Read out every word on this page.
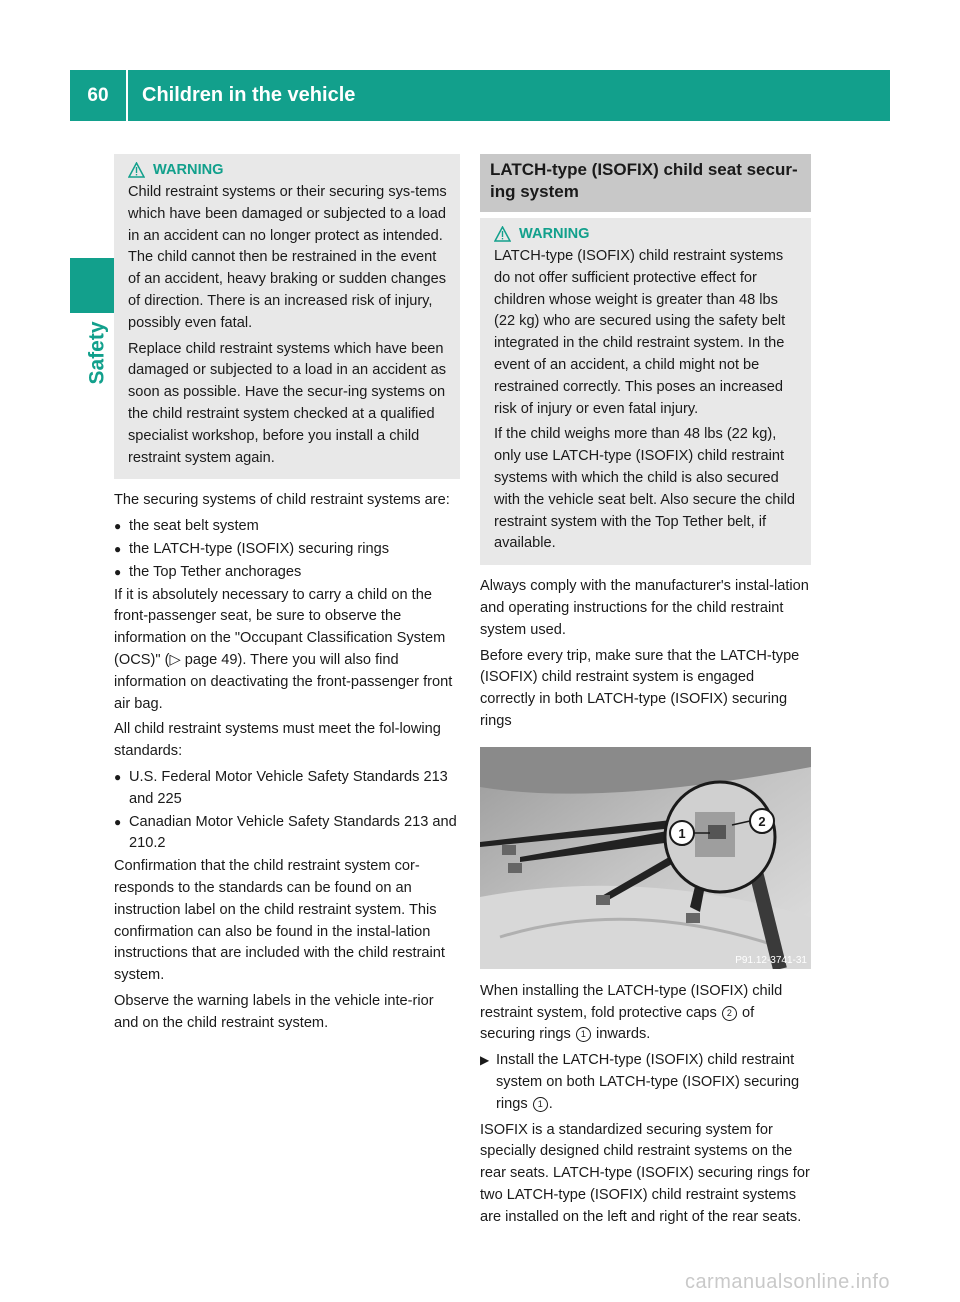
60	Children in the vehicle
Safety
WARNING

Child restraint systems or their securing sys-tems which have been damaged or subjected to a load in an accident can no longer protect as intended. The child cannot then be restrained in the event of an accident, heavy braking or sudden changes of direction. There is an increased risk of injury, possibly even fatal.

Replace child restraint systems which have been damaged or subjected to a load in an accident as soon as possible. Have the secur-ing systems on the child restraint system checked at a qualified specialist workshop, before you install a child restraint system again.

The securing systems of child restraint systems are:

● the seat belt system
● the LATCH-type (ISOFIX) securing rings
● the Top Tether anchorages

If it is absolutely necessary to carry a child on the front-passenger seat, be sure to observe the information on the "Occupant Classification System (OCS)" (▷ page 49). There you will also find information on deactivating the front-passenger front air bag.

All child restraint systems must meet the fol-lowing standards:

● U.S. Federal Motor Vehicle Safety Standards 213 and 225
● Canadian Motor Vehicle Safety Standards 213 and 210.2

Confirmation that the child restraint system cor-responds to the standards can be found on an instruction label on the child restraint system. This confirmation can also be found in the instal-lation instructions that are included with the child restraint system.

Observe the warning labels in the vehicle inte-rior and on the child restraint system.

LATCH-type (ISOFIX) child seat secur-ing system
WARNING

LATCH-type (ISOFIX) child restraint systems do not offer sufficient protective effect for children whose weight is greater than 48 lbs (22 kg) who are secured using the safety belt integrated in the child restraint system. In the event of an accident, a child might not be restrained correctly. This poses an increased risk of injury or even fatal injury.

If the child weighs more than 48 lbs (22 kg), only use LATCH-type (ISOFIX) child restraint systems with which the child is also secured with the vehicle seat belt. Also secure the child restraint system with the Top Tether belt, if available.

Always comply with the manufacturer's instal-lation and operating instructions for the child restraint system used.

Before every trip, make sure that the LATCH-type (ISOFIX) child restraint system is engaged correctly in both LATCH-type (ISOFIX) securing rings

1
2
P91.12-3741-31

When installing the LATCH-type (ISOFIX) child restraint system, fold protective caps 2 of securing rings 1 inwards.

▶ Install the LATCH-type (ISOFIX) child restraint system on both LATCH-type (ISOFIX) securing rings 1 .

ISOFIX is a standardized securing system for specially designed child restraint systems on the rear seats. LATCH-type (ISOFIX) securing rings for two LATCH-type (ISOFIX) child restraint systems are installed on the left and right of the rear seats.

carmanualsonline.info
